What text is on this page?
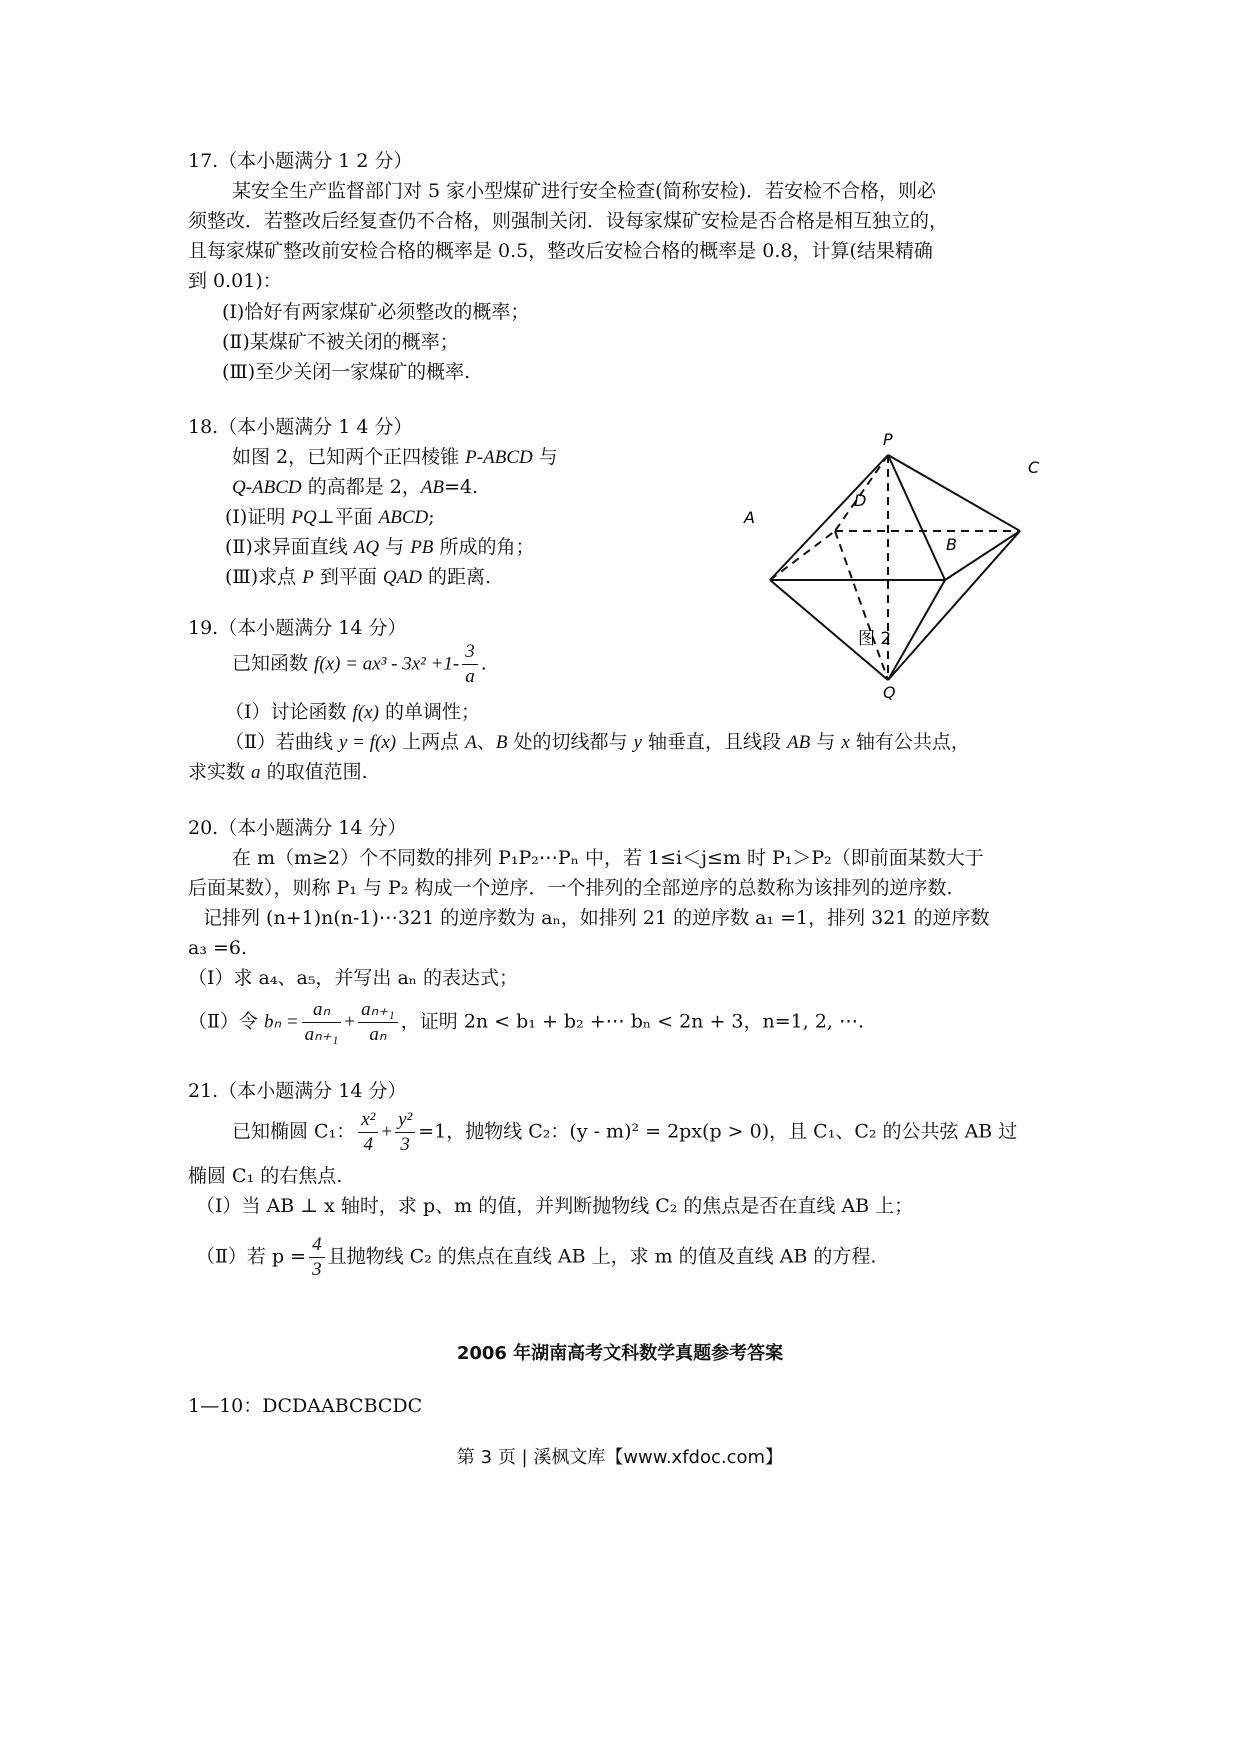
17.（本小题满分 1 2 分）
某安全生产监督部门对 5 家小型煤矿进行安全检查(简称安检)．若安检不合格，则必
须整改．若整改后经复查仍不合格，则强制关闭．设每家煤矿安检是否合格是相互独立的，
且每家煤矿整改前安检合格的概率是 0.5，整改后安检合格的概率是 0.8，计算(结果精确
到 0.01)：
(Ⅰ)恰好有两家煤矿必须整改的概率；
(Ⅱ)某煤矿不被关闭的概率；
(Ⅲ)至少关闭一家煤矿的概率.
18.（本小题满分 1 4 分）
如图 2，已知两个正四棱锥 P-ABCD 与
Q-ABCD 的高都是 2，AB=4.
(Ⅰ)证明 PQ⊥平面 ABCD;
(Ⅱ)求异面直线 AQ 与 PB 所成的角；
(Ⅲ)求点 P 到平面 QAD 的距离.
P
D
C
B
A
Q
图 2
19.（本小题满分 14 分）
已知函数 $f(x) = ax^3 - 3x^2 +1- \frac{3}{a}$ .
（Ⅰ）讨论函数 f(x) 的单调性；
（Ⅱ）若曲线 y = f(x) 上两点 A、B 处的切线都与 y 轴垂直，且线段 AB 与 x 轴有公共点，
求实数 a 的取值范围.
20.（本小题满分 14 分）
在 m（m≥2）个不同数的排列 P₁P₂⋯Pₙ 中，若 1≤i＜j≤m 时 P₁＞P₂（即前面某数大于
后面某数），则称 P₁ 与 P₂ 构成一个逆序．一个排列的全部逆序的总数称为该排列的逆序数.
记排列 (n+1)n(n-1)⋯321 的逆序数为 aₙ，如排列 21 的逆序数 a₁ =1，排列 321 的逆序数
a₃ =6.
（Ⅰ）求 a₄、a₅，并写出 aₙ 的表达式；
（Ⅱ）令 $b_n = \frac{\text{aₙ}}{\text{aₙ₊₁}} + \frac{\text{aₙ₊₁}}{\text{aₙ}}$ ，证明 2n < b₁ + b₂ +⋯ bₙ < 2n + 3，n=1, 2, ⋯.
21.（本小题满分 14 分）
已知椭圆 C₁： $\frac{\text{x²}}{4} + \frac{\text{y²}}{3} =1$，抛物线 C₂：(y - m)² = 2px(p > 0)，且 C₁、C₂ 的公共弦 AB 过
椭圆 C₁ 的右焦点.
（Ⅰ）当 AB ⊥ x 轴时，求 p、m 的值，并判断抛物线 C₂ 的焦点是否在直线 AB 上；
（Ⅱ）若 $p = \frac{4}{3}$ 且抛物线 C₂ 的焦点在直线 AB 上，求 m 的值及直线 AB 的方程.
2006 年湖南高考文科数学真题参考答案
1—10：DCDAABCBCDC
第 3 页 | 溪枫文库【www.xfdoc.com】
